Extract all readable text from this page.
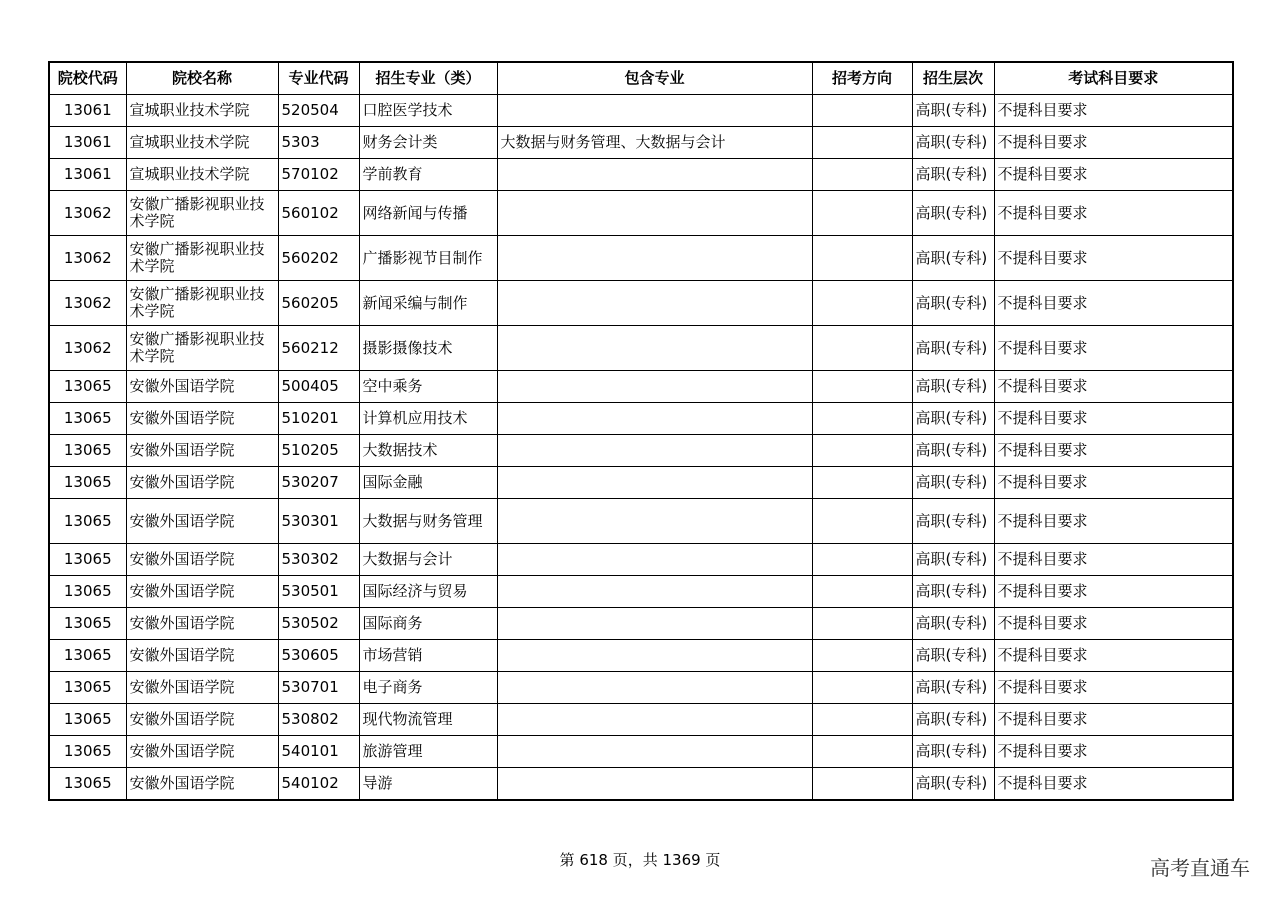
院校代码	院校名称	专业代码	招生专业（类）	包含专业	招考方向	招生层次	考试科目要求
13061	宣城职业技术学院	520504	口腔医学技术			高职(专科)	不提科目要求
13061	宣城职业技术学院	5303	财务会计类	大数据与财务管理、大数据与会计		高职(专科)	不提科目要求
13061	宣城职业技术学院	570102	学前教育			高职(专科)	不提科目要求
13062	安徽广播影视职业技术学院	560102	网络新闻与传播			高职(专科)	不提科目要求
13062	安徽广播影视职业技术学院	560202	广播影视节目制作			高职(专科)	不提科目要求
13062	安徽广播影视职业技术学院	560205	新闻采编与制作			高职(专科)	不提科目要求
13062	安徽广播影视职业技术学院	560212	摄影摄像技术			高职(专科)	不提科目要求
13065	安徽外国语学院	500405	空中乘务			高职(专科)	不提科目要求
13065	安徽外国语学院	510201	计算机应用技术			高职(专科)	不提科目要求
13065	安徽外国语学院	510205	大数据技术			高职(专科)	不提科目要求
13065	安徽外国语学院	530207	国际金融			高职(专科)	不提科目要求
13065	安徽外国语学院	530301	大数据与财务管理			高职(专科)	不提科目要求
13065	安徽外国语学院	530302	大数据与会计			高职(专科)	不提科目要求
13065	安徽外国语学院	530501	国际经济与贸易			高职(专科)	不提科目要求
13065	安徽外国语学院	530502	国际商务			高职(专科)	不提科目要求
13065	安徽外国语学院	530605	市场营销			高职(专科)	不提科目要求
13065	安徽外国语学院	530701	电子商务			高职(专科)	不提科目要求
13065	安徽外国语学院	530802	现代物流管理			高职(专科)	不提科目要求
13065	安徽外国语学院	540101	旅游管理			高职(专科)	不提科目要求
13065	安徽外国语学院	540102	导游			高职(专科)	不提科目要求
第 618 页，共 1369 页	高考直通车
